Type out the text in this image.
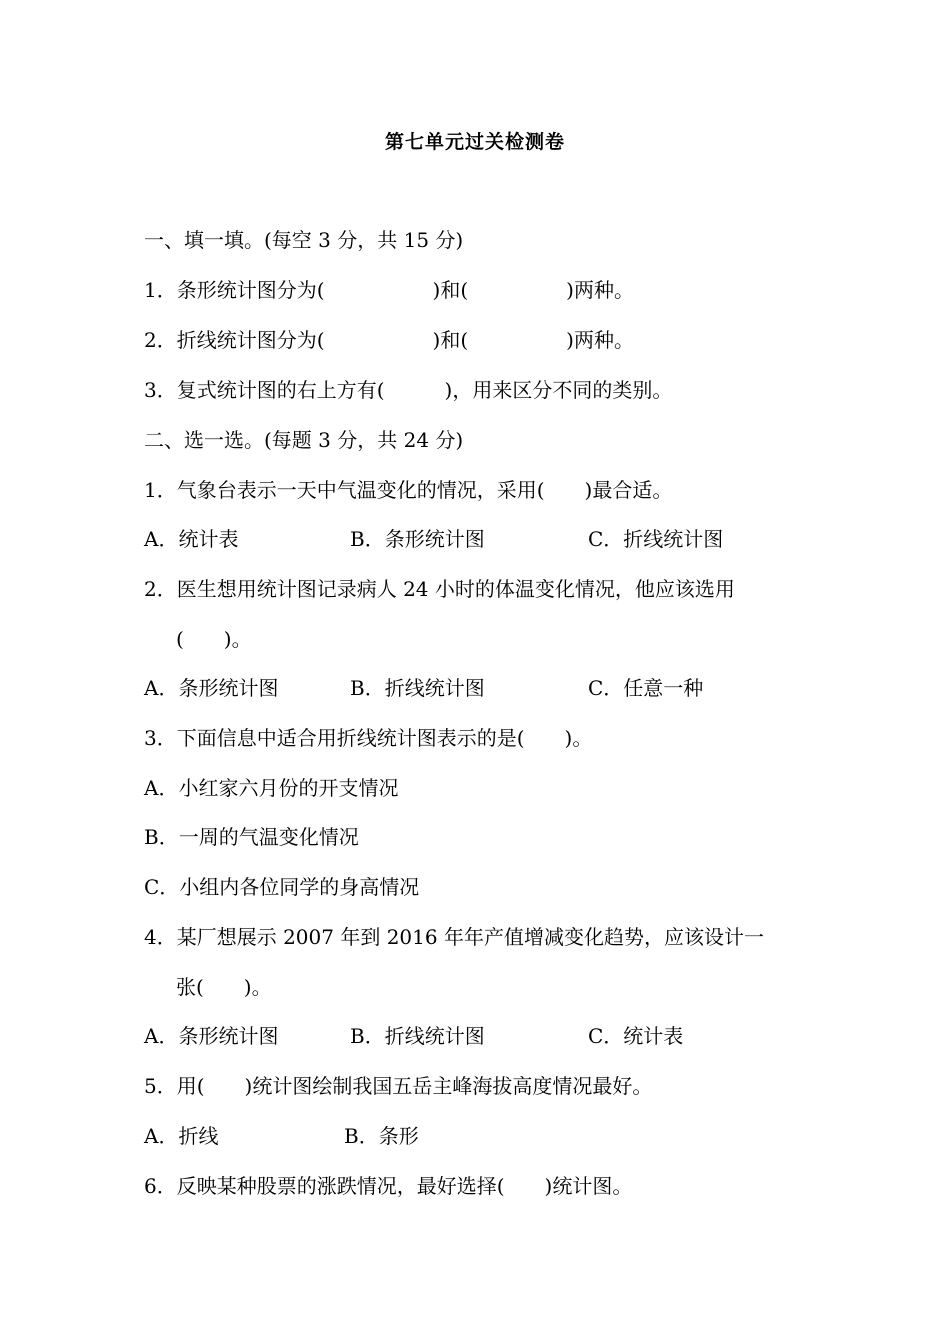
第七单元过关检测卷
一、填一填。(每空 3 分，共 15 分)
1．条形统计图分为(	)和(	)两种。
2．折线统计图分为(	)和(	)两种。
3．复式统计图的右上方有(	)，用来区分不同的类别。
二、选一选。(每题 3 分，共 24 分)
1．气象台表示一天中气温变化的情况，采用(　　)最合适。
A．统计表	B．条形统计图	C．折线统计图
2．医生想用统计图记录病人 24 小时的体温变化情况，他应该选用
(　　)。
A．条形统计图	B．折线统计图	C．任意一种
3．下面信息中适合用折线统计图表示的是(　　)。
A．小红家六月份的开支情况
B．一周的气温变化情况
C．小组内各位同学的身高情况
4．某厂想展示 2007 年到 2016 年年产值增减变化趋势，应该设计一
张(　　)。
A．条形统计图	B．折线统计图	C．统计表
5．用(　　)统计图绘制我国五岳主峰海拔高度情况最好。
A．折线	B．条形
6．反映某种股票的涨跌情况，最好选择(　　)统计图。
